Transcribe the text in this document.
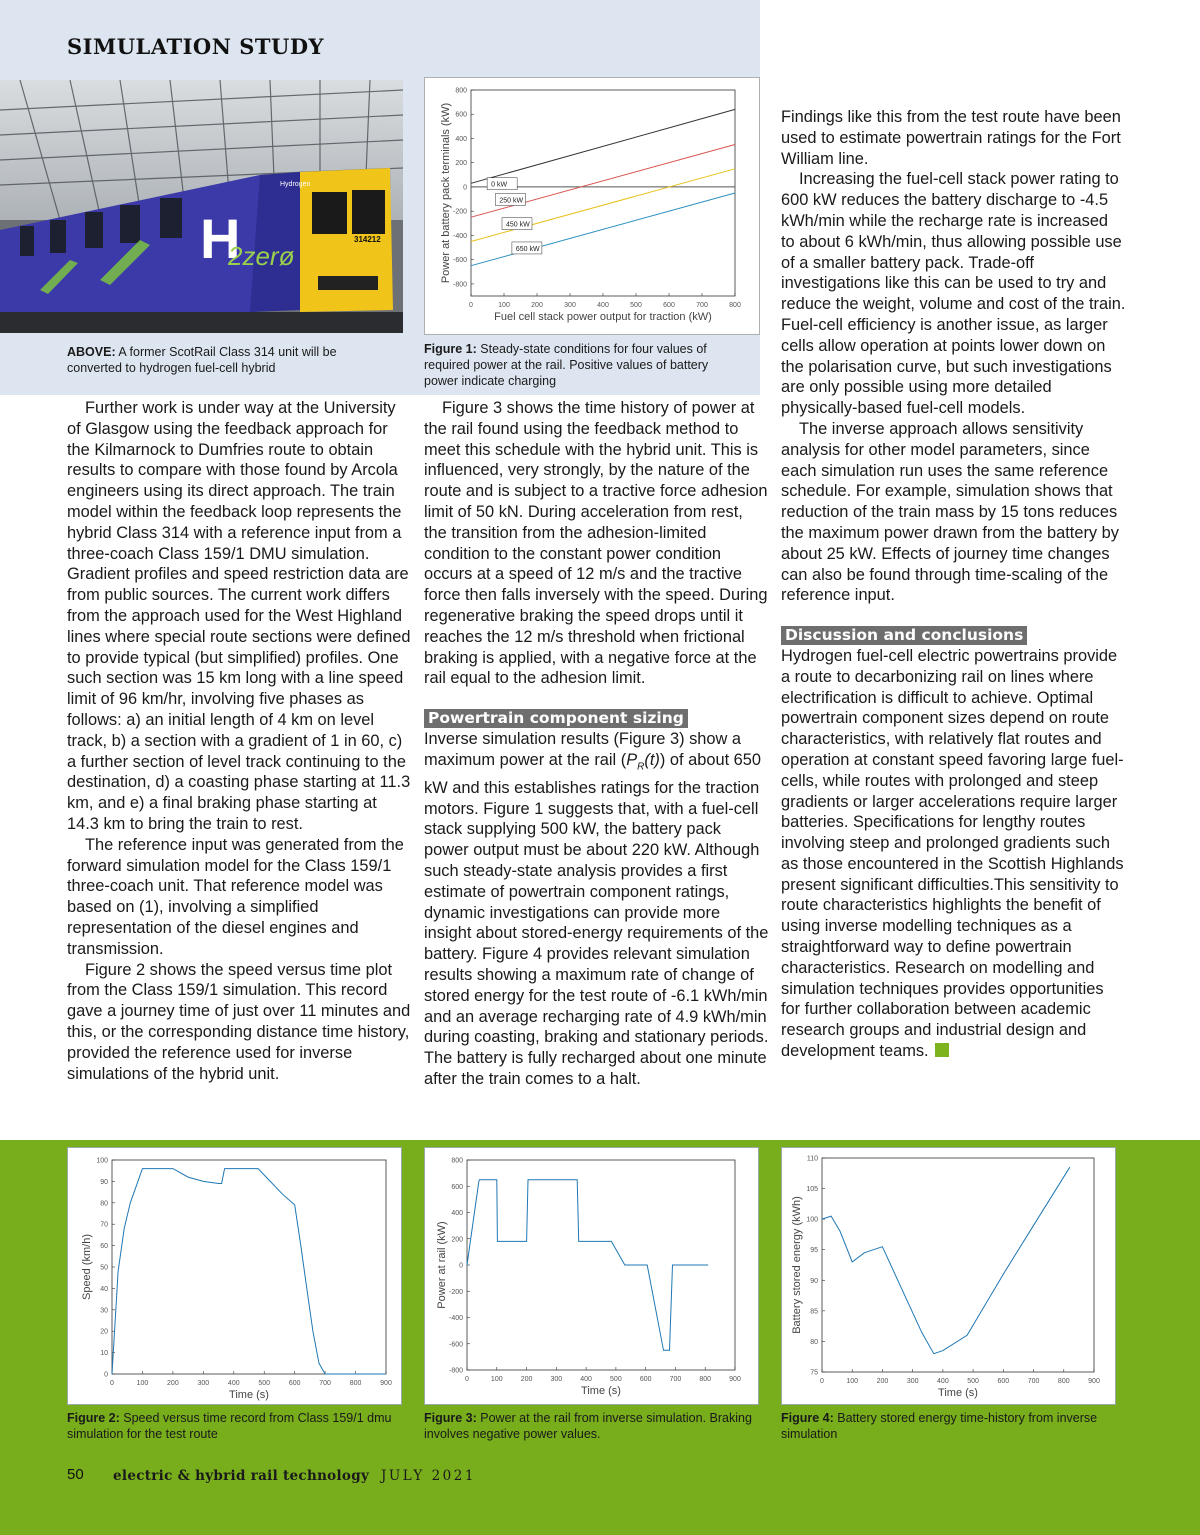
SIMULATION STUDY
H
2zerø
Hydrogen
314212
ABOVE: A former ScotRail Class 314 unit will be converted to hydrogen fuel-cell hybrid
0	100	200	300	400	500	600	700	800
800
600
400
200
0
-200
-400
-600
-800
Fuel cell stack power output for traction (kW)
Power at battery pack terminals (kW)	0 kW
250 kW
450 kW
650 kW
Figure 1: Steady-state conditions for four values of required power at the rail. Positive values of battery power indicate charging

Further work is under way at the University of Glasgow using the feedback approach for the Kilmarnock to Dumfries route to obtain results to compare with those found by Arcola engineers using its direct approach. The train model within the feedback loop represents the hybrid Class 314 with a reference input from a three-coach Class 159/1 DMU simulation. Gradient profiles and speed restriction data are from public sources. The current work differs from the approach used for the West Highland lines where special route sections were defined to provide typical (but simplified) profiles. One such section was 15 km long with a line speed limit of 96 km/hr, involving five phases as follows: a) an initial length of 4 km on level track, b) a section with a gradient of 1 in 60, c) a further section of level track continuing to the destination, d) a coasting phase starting at 11.3 km, and e) a final braking phase starting at 14.3 km to bring the train to rest.

The reference input was generated from the forward simulation model for the Class 159/1 three-coach unit. That reference model was based on (1), involving a simplified representation of the diesel engines and transmission.

Figure 2 shows the speed versus time plot from the Class 159/1 simulation. This record gave a journey time of just over 11 minutes and this, or the corresponding distance time history, provided the reference used for inverse simulations of the hybrid unit.

Figure 3 shows the time history of power at the rail found using the feedback method to meet this schedule with the hybrid unit. This is influenced, very strongly, by the nature of the route and is subject to a tractive force adhesion limit of 50 kN. During acceleration from rest, the transition from the adhesion-limited condition to the constant power condition occurs at a speed of 12 m/s and the tractive force then falls inversely with the speed. During regenerative braking the speed drops until it reaches the 12 m/s threshold when frictional braking is applied, with a negative force at the rail equal to the adhesion limit.

Powertrain component sizing

Inverse simulation results (Figure 3) show a maximum power at the rail $(P_R(t))$ of about 650 kW and this establishes ratings for the traction motors. Figure 1 suggests that, with a fuel-cell stack supplying 500 kW, the battery pack power output must be about 220 kW. Although such steady-state analysis provides a first estimate of powertrain component ratings, dynamic investigations can provide more insight about stored-energy requirements of the battery. Figure 4 provides relevant simulation results showing a maximum rate of change of stored energy for the test route of -6.1 kWh/min and an average recharging rate of 4.9 kWh/min during coasting, braking and stationary periods. The battery is fully recharged about one minute after the train comes to a halt.

Findings like this from the test route have been used to estimate powertrain ratings for the Fort William line.

Increasing the fuel-cell stack power rating to 600 kW reduces the battery discharge to -4.5 kWh/min while the recharge rate is increased to about 6 kWh/min, thus allowing possible use of a smaller battery pack. Trade-off investigations like this can be used to try and reduce the weight, volume and cost of the train. Fuel-cell efficiency is another issue, as larger cells allow operation at points lower down on the polarisation curve, but such investigations are only possible using more detailed physically-based fuel-cell models.

The inverse approach allows sensitivity analysis for other model parameters, since each simulation run uses the same reference schedule. For example, simulation shows that reduction of the train mass by 15 tons reduces the maximum power drawn from the battery by about 25 kW. Effects of journey time changes can also be found through time-scaling of the reference input.

Discussion and conclusions

Hydrogen fuel-cell electric powertrains provide a route to decarbonizing rail on lines where electrification is difficult to achieve. Optimal powertrain component sizes depend on route characteristics, with relatively flat routes and operation at constant speed favoring large fuel-cells, while routes with prolonged and steep gradients or larger accelerations require larger batteries. Specifications for lengthy routes involving steep and prolonged gradients such as those encountered in the Scottish Highlands present significant difficulties.This sensitivity to route characteristics highlights the benefit of using inverse modelling techniques as a straightforward way to define powertrain characteristics. Research on modelling and simulation techniques provides opportunities for further collaboration between academic research groups and industrial design and development teams.

0	100	200	300	400	500	600	700	800	900
100
90
80
70
60
50
40
30
20
10
0
Time (s)
Speed (km/h)
0	100	200	300	400	500	600	700	800	900
800
600
400
200
0
-200
-400
-600
-800
Time (s)
Power at rail (kW)
0	100	200	300	400	500	600	700	800	900
110
105
100
95
90
85
80
75
Time (s)
Battery stored energy (kWh)
Figure 2: Speed versus time record from Class 159/1 dmu simulation for the test route
Figure 3: Power at the rail from inverse simulation. Braking involves negative power values.
Figure 4: Battery stored energy time-history from inverse simulation
50 electric & hybrid rail technology JULY 2021
